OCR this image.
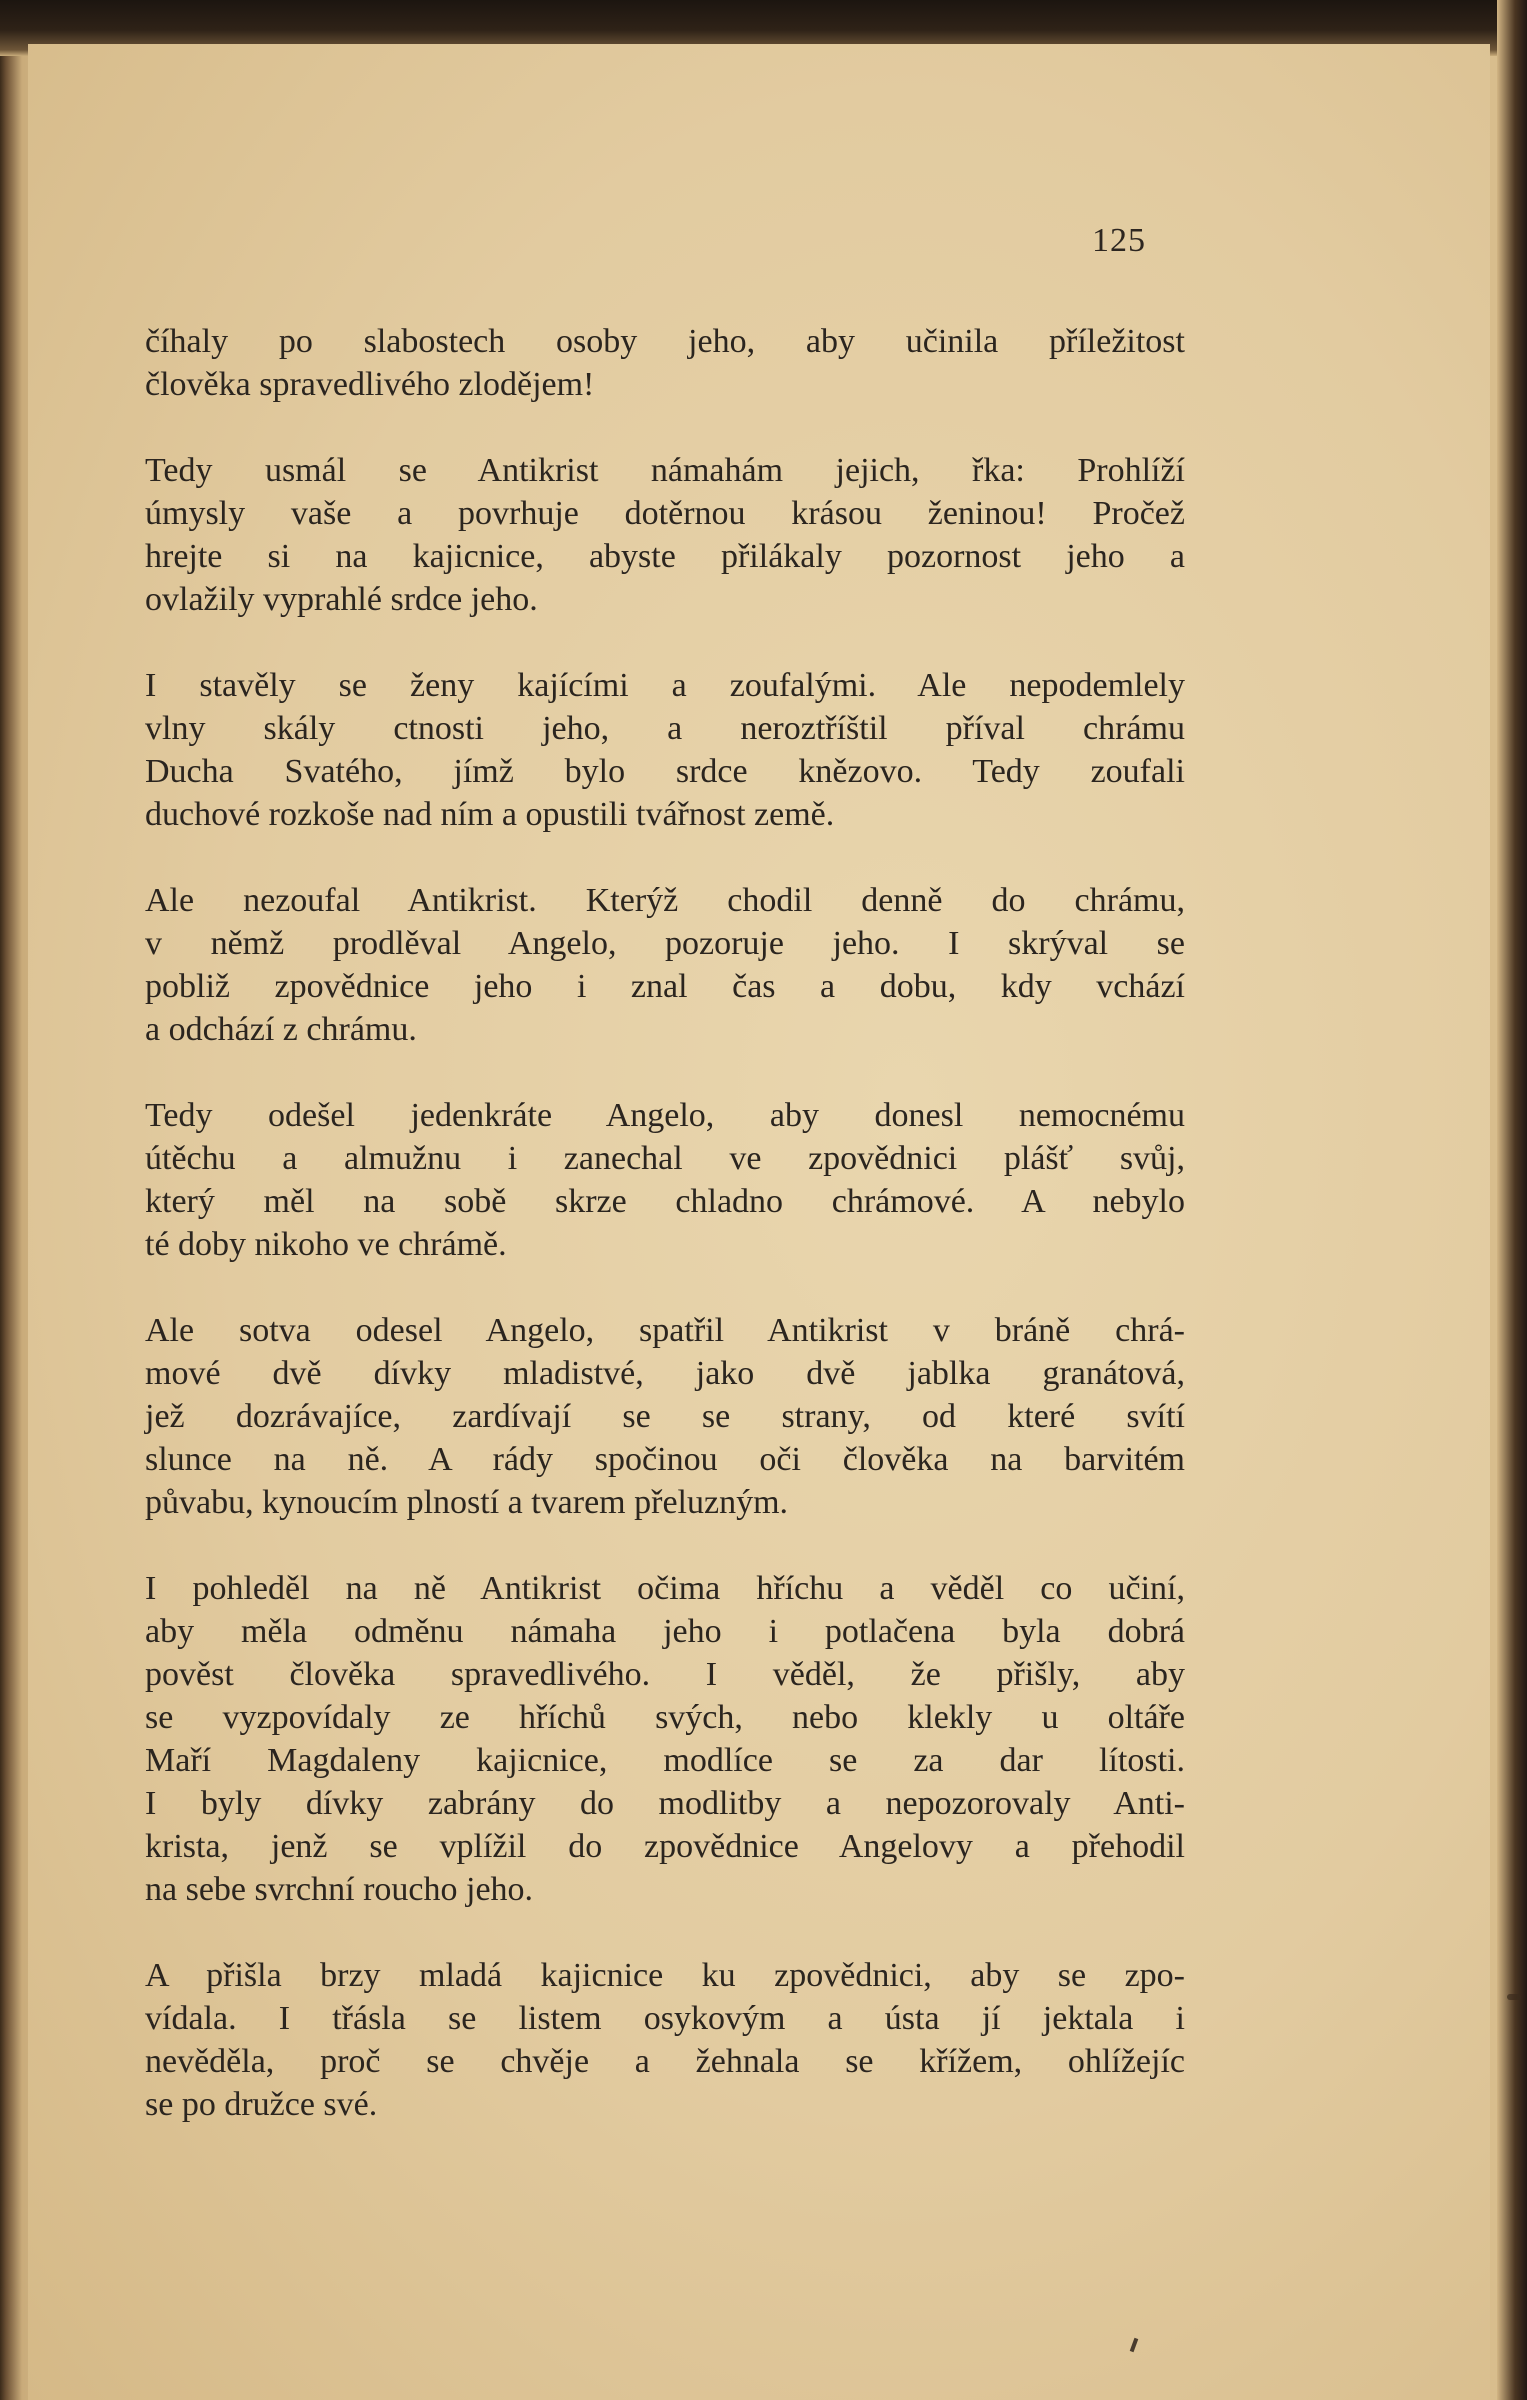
125
číhaly po slabostech osoby jeho, aby učinila příležitost
člověka spravedlivého zlodějem!
Tedy usmál se Antikrist námahám jejich, řka: Prohlíží
úmysly vaše a povrhuje dotěrnou krásou ženinou! Pročež
hrejte si na kajicnice, abyste přilákaly pozornost jeho a
ovlažily vyprahlé srdce jeho.
I stavěly se ženy kajícími a zoufalými. Ale nepodemlely
vlny skály ctnosti jeho, a neroztříštil příval chrámu
Ducha Svatého, jímž bylo srdce knězovo. Tedy zoufali
duchové rozkoše nad ním a opustili tvářnost země.
Ale nezoufal Antikrist. Kterýž chodil denně do chrámu,
v němž prodlěval Angelo, pozoruje jeho. I skrýval se
pobliž zpovědnice jeho i znal čas a dobu, kdy vchází
a odchází z chrámu.
Tedy odešel jedenkráte Angelo, aby donesl nemocnému
útěchu a almužnu i zanechal ve zpovědnici plášť svůj,
který měl na sobě skrze chladno chrámové. A nebylo
té doby nikoho ve chrámě.
Ale sotva odesel Angelo, spatřil Antikrist v bráně chrá-
mové dvě dívky mladistvé, jako dvě jablka granátová,
jež dozrávajíce, zardívají se se strany, od které svítí
slunce na ně. A rády spočinou oči člověka na barvitém
půvabu, kynoucím plností a tvarem přeluzným.
I pohleděl na ně Antikrist očima hříchu a věděl co učiní,
aby měla odměnu námaha jeho i potlačena byla dobrá
pověst člověka spravedlivého. I věděl, že přišly, aby
se vyzpovídaly ze hříchů svých, nebo klekly u oltáře
Maří Magdaleny kajicnice, modlíce se za dar lítosti.
I byly dívky zabrány do modlitby a nepozorovaly Anti-
krista, jenž se vplížil do zpovědnice Angelovy a přehodil
na sebe svrchní roucho jeho.
A přišla brzy mladá kajicnice ku zpovědnici, aby se zpo-
vídala. I třásla se listem osykovým a ústa jí jektala i
nevěděla, proč se chvěje a žehnala se křížem, ohlížejíc
se po družce své.
